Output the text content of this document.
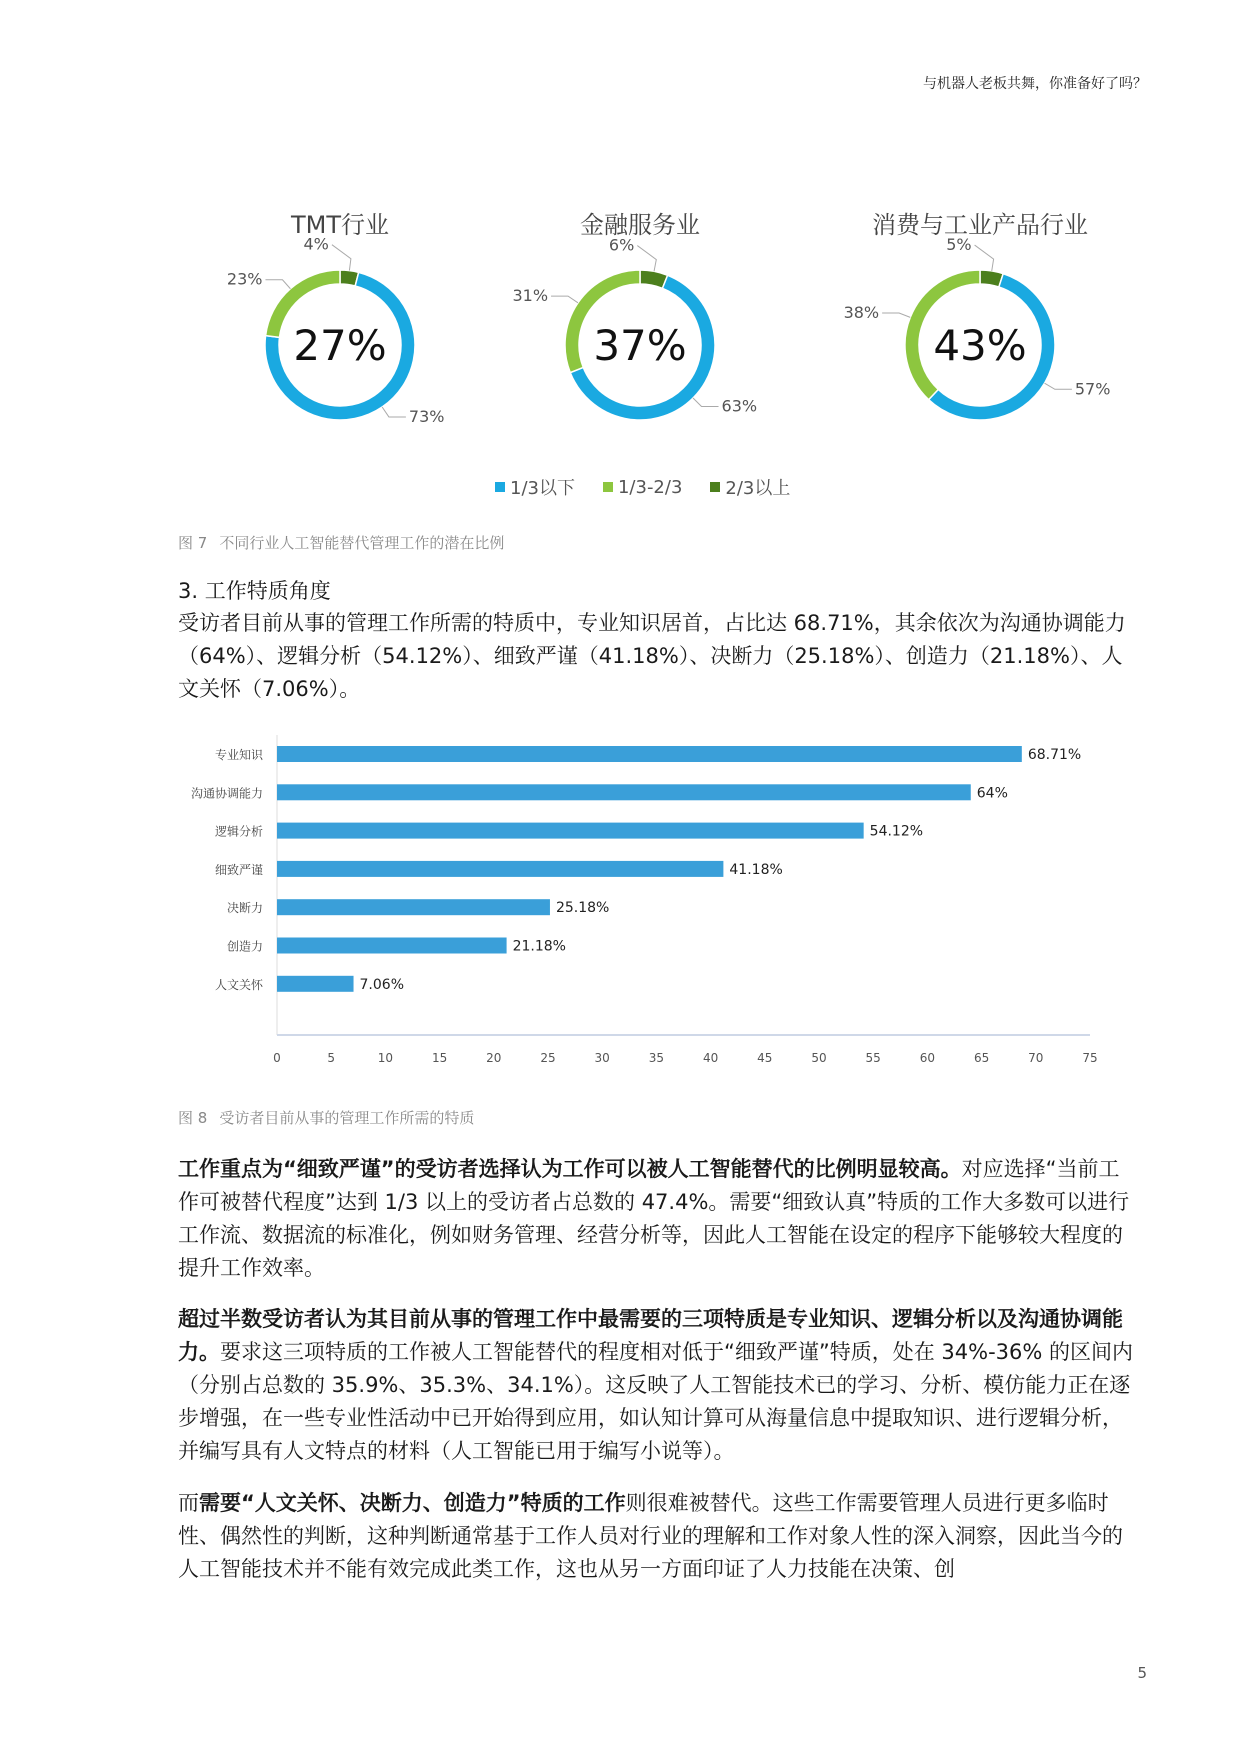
与机器人老板共舞，你准备好了吗？
TMT行业
4%
73%
23%
27%
金融服务业
6%
63%
31%
37%
消费与工业产品行业
5%
57%
38%
43%
1/3以下 1/3-2/3 2/3以上
图 7 不同行业人工智能替代管理工作的潜在比例
3. 工作特质角度
受访者目前从事的管理工作所需的特质中，专业知识居首，占比达 68.71%，其余依次为沟通协调能力（64%）、逻辑分析（54.12%）、细致严谨（41.18%）、决断力（25.18%）、创造力（21.18%）、人文关怀（7.06%）。
专业知识	68.71%
沟通协调能力	64%
逻辑分析	54.12%
细致严谨	41.18%
决断力	25.18%
创造力	21.18%
人文关怀	7.06%
0	5	10	15	20	25	30	35	40	45	50	55	60	65	70	75
图 8 受访者目前从事的管理工作所需的特质
工作重点为“细致严谨”的受访者选择认为工作可以被人工智能替代的比例明显较高。对应选择“当前工作可被替代程度”达到 1/3 以上的受访者占总数的 47.4%。需要“细致认真”特质的工作大多数可以进行工作流、数据流的标准化，例如财务管理、经营分析等，因此人工智能在设定的程序下能够较大程度的提升工作效率。
超过半数受访者认为其目前从事的管理工作中最需要的三项特质是专业知识、逻辑分析以及沟通协调能力。要求这三项特质的工作被人工智能替代的程度相对低于“细致严谨”特质，处在 34%-36% 的区间内（分别占总数的 35.9%、35.3%、34.1%）。这反映了人工智能技术已的学习、分析、模仿能力正在逐步增强，在一些专业性活动中已开始得到应用，如认知计算可从海量信息中提取知识、进行逻辑分析，并编写具有人文特点的材料（人工智能已用于编写小说等）。
而需要“人文关怀、决断力、创造力”特质的工作则很难被替代。这些工作需要管理人员进行更多临时性、偶然性的判断，这种判断通常基于工作人员对行业的理解和工作对象人性的深入洞察，因此当今的人工智能技术并不能有效完成此类工作，这也从另一方面印证了人力技能在决策、创
5
